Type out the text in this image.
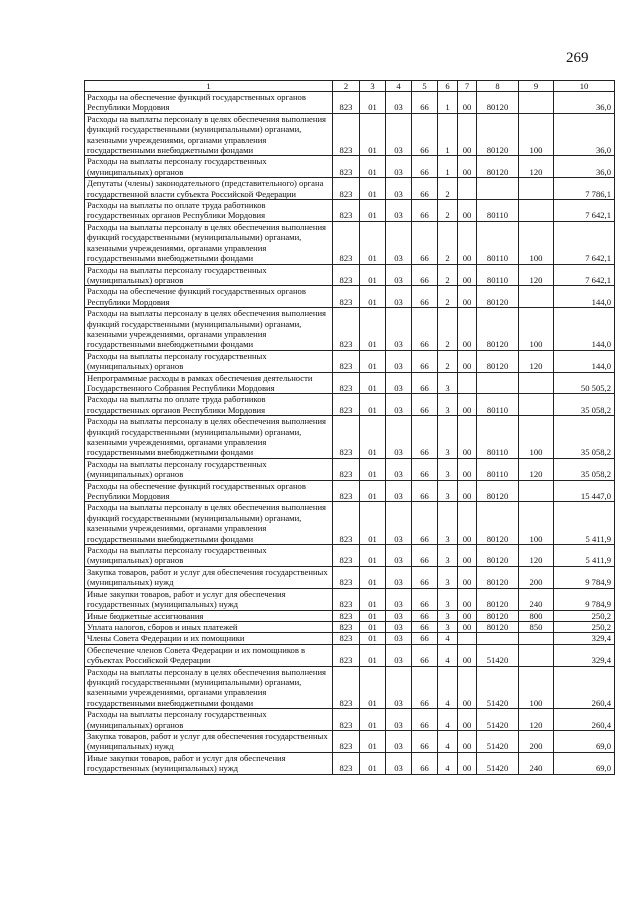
269
1	2	3	4	5	6	7	8	9	10
Расходы на обеспечение функций государственных органов Республики Мордовия	823	01	03	66	1	00	80120		36,0
Расходы на выплаты персоналу в целях обеспечения выполнения функций государственными (муниципальными) органами, казенными учреждениями, органами управления государственными внебюджетными фондами	823	01	03	66	1	00	80120	100	36,0
Расходы на выплаты персоналу государственных (муниципальных) органов	823	01	03	66	1	00	80120	120	36,0
Депутаты (члены) законодательного (представительного) органа государственной власти субъекта Российской Федерации	823	01	03	66	2				7 786,1
Расходы на выплаты по оплате труда работников государственных органов Республики Мордовия	823	01	03	66	2	00	80110		7 642,1
Расходы на выплаты персоналу в целях обеспечения выполнения функций государственными (муниципальными) органами, казенными учреждениями, органами управления государственными внебюджетными фондами	823	01	03	66	2	00	80110	100	7 642,1
Расходы на выплаты персоналу государственных (муниципальных) органов	823	01	03	66	2	00	80110	120	7 642,1
Расходы на обеспечение функций государственных органов Республики Мордовия	823	01	03	66	2	00	80120		144,0
Расходы на выплаты персоналу в целях обеспечения выполнения функций государственными (муниципальными) органами, казенными учреждениями, органами управления государственными внебюджетными фондами	823	01	03	66	2	00	80120	100	144,0
Расходы на выплаты персоналу государственных (муниципальных) органов	823	01	03	66	2	00	80120	120	144,0
Непрограммные расходы в рамках обеспечения деятельности Государственного Собрания Республики Мордовия	823	01	03	66	3				50 505,2
Расходы на выплаты по оплате труда работников государственных органов Республики Мордовия	823	01	03	66	3	00	80110		35 058,2
Расходы на выплаты персоналу в целях обеспечения выполнения функций государственными (муниципальными) органами, казенными учреждениями, органами управления государственными внебюджетными фондами	823	01	03	66	3	00	80110	100	35 058,2
Расходы на выплаты персоналу государственных (муниципальных) органов	823	01	03	66	3	00	80110	120	35 058,2
Расходы на обеспечение функций государственных органов Республики Мордовия	823	01	03	66	3	00	80120		15 447,0
Расходы на выплаты персоналу в целях обеспечения выполнения функций государственными (муниципальными) органами, казенными учреждениями, органами управления государственными внебюджетными фондами	823	01	03	66	3	00	80120	100	5 411,9
Расходы на выплаты персоналу государственных (муниципальных) органов	823	01	03	66	3	00	80120	120	5 411,9
Закупка товаров, работ и услуг для обеспечения государственных (муниципальных) нужд	823	01	03	66	3	00	80120	200	9 784,9
Иные закупки товаров, работ и услуг для обеспечения государственных (муниципальных) нужд	823	01	03	66	3	00	80120	240	9 784,9
Иные бюджетные ассигнования	823	01	03	66	3	00	80120	800	250,2
Уплата налогов, сборов и иных платежей	823	01	03	66	3	00	80120	850	250,2
Члены Совета Федерации и их помощники	823	01	03	66	4				329,4
Обеспечение членов Совета Федерации и их помощников в субъектах Российской Федерации	823	01	03	66	4	00	51420		329,4
Расходы на выплаты персоналу в целях обеспечения выполнения функций государственными (муниципальными) органами, казенными учреждениями, органами управления государственными внебюджетными фондами	823	01	03	66	4	00	51420	100	260,4
Расходы на выплаты персоналу государственных (муниципальных) органов	823	01	03	66	4	00	51420	120	260,4
Закупка товаров, работ и услуг для обеспечения государственных (муниципальных) нужд	823	01	03	66	4	00	51420	200	69,0
Иные закупки товаров, работ и услуг для обеспечения государственных (муниципальных) нужд	823	01	03	66	4	00	51420	240	69,0
